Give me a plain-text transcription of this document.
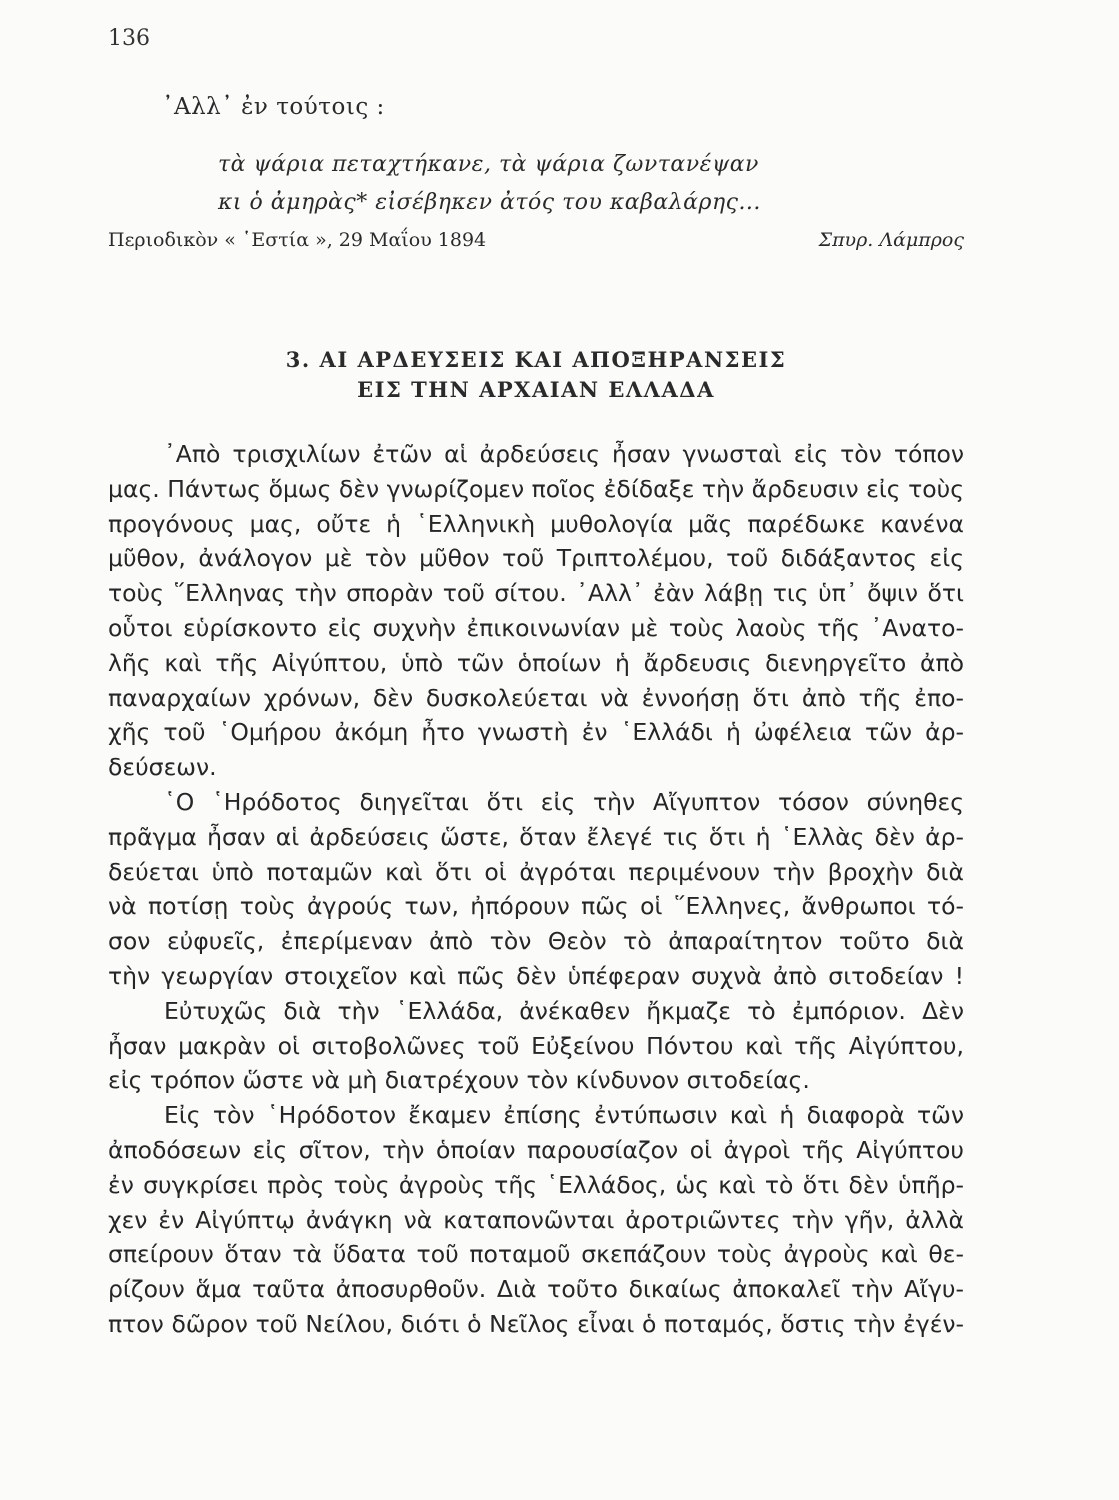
136
᾿Αλλ᾿ ἐν τούτοις :
τὰ ψάρια πεταχτήκανε, τὰ ψάρια ζωντανέψαν
κι ὁ ἀμηρὰς* εἰσέβηκεν ἀτός του καβαλάρης...
Περιοδικὸν « ῾Εστία », 29 Μαΐου 1894	Σπυρ. Λάμπρος
3. ΑΙ ΑΡΔΕΥΣΕΙΣ ΚΑΙ ΑΠΟΞΗΡΑΝΣΕΙΣ
ΕΙΣ ΤΗΝ ΑΡΧΑΙΑΝ ΕΛΛΑΔΑ
᾿Απὸ τρισχιλίων ἐτῶν αἱ ἀρδεύσεις ἦσαν γνωσταὶ εἰς τὸν τόπον
μας. Πάντως ὅμως δὲν γνωρίζομεν ποῖος ἐδίδαξε τὴν ἄρδευσιν εἰς τοὺς
προγόνους μας, οὔτε ἡ ῾Ελληνικὴ μυθολογία μᾶς παρέδωκε κανένα
μῦθον, ἀνάλογον μὲ τὸν μῦθον τοῦ Τριπτολέμου, τοῦ διδάξαντος εἰς
τοὺς ῞Ελληνας τὴν σπορὰν τοῦ σίτου. ᾿Αλλ᾿ ἐὰν λάβῃ τις ὑπ᾿ ὄψιν ὅτι
οὗτοι εὑρίσκοντο εἰς συχνὴν ἐπικοινωνίαν μὲ τοὺς λαοὺς τῆς ᾿Ανατο-
λῆς καὶ τῆς Αἰγύπτου, ὑπὸ τῶν ὁποίων ἡ ἄρδευσις διενηργεῖτο ἀπὸ
παναρχαίων χρόνων, δὲν δυσκολεύεται νὰ ἐννοήσῃ ὅτι ἀπὸ τῆς ἐπο-
χῆς τοῦ ῾Ομήρου ἀκόμη ἦτο γνωστὴ ἐν ῾Ελλάδι ἡ ὠφέλεια τῶν ἀρ-
δεύσεων.
῾Ο ῾Ηρόδοτος διηγεῖται ὅτι εἰς τὴν Αἴγυπτον τόσον σύνηθες
πρᾶγμα ἦσαν αἱ ἀρδεύσεις ὥστε, ὅταν ἔλεγέ τις ὅτι ἡ ῾Ελλὰς δὲν ἀρ-
δεύεται ὑπὸ ποταμῶν καὶ ὅτι οἱ ἀγρόται περιμένουν τὴν βροχὴν διὰ
νὰ ποτίσῃ τοὺς ἀγρούς των, ἠπόρουν πῶς οἱ ῞Ελληνες, ἄνθρωποι τό-
σον εὐφυεῖς, ἐπερίμεναν ἀπὸ τὸν Θεὸν τὸ ἀπαραίτητον τοῦτο διὰ
τὴν γεωργίαν στοιχεῖον καὶ πῶς δὲν ὑπέφεραν συχνὰ ἀπὸ σιτοδείαν !
Εὐτυχῶς διὰ τὴν ῾Ελλάδα, ἀνέκαθεν ἤκμαζε τὸ ἐμπόριον. Δὲν
ἦσαν μακρὰν οἱ σιτοβολῶνες τοῦ Εὐξείνου Πόντου καὶ τῆς Αἰγύπτου,
εἰς τρόπον ὥστε νὰ μὴ διατρέχουν τὸν κίνδυνον σιτοδείας.
Εἰς τὸν ῾Ηρόδοτον ἔκαμεν ἐπίσης ἐντύπωσιν καὶ ἡ διαφορὰ τῶν
ἀποδόσεων εἰς σῖτον, τὴν ὁποίαν παρουσίαζον οἱ ἀγροὶ τῆς Αἰγύπτου
ἐν συγκρίσει πρὸς τοὺς ἀγροὺς τῆς ῾Ελλάδος, ὡς καὶ τὸ ὅτι δὲν ὑπῆρ-
χεν ἐν Αἰγύπτῳ ἀνάγκη νὰ καταπονῶνται ἀροτριῶντες τὴν γῆν, ἀλλὰ
σπείρουν ὅταν τὰ ὕδατα τοῦ ποταμοῦ σκεπάζουν τοὺς ἀγροὺς καὶ θε-
ρίζουν ἅμα ταῦτα ἀποσυρθοῦν. Διὰ τοῦτο δικαίως ἀποκαλεῖ τὴν Αἴγυ-
πτον δῶρον τοῦ Νείλου, διότι ὁ Νεῖλος εἶναι ὁ ποταμός, ὅστις τὴν ἐγέν-
